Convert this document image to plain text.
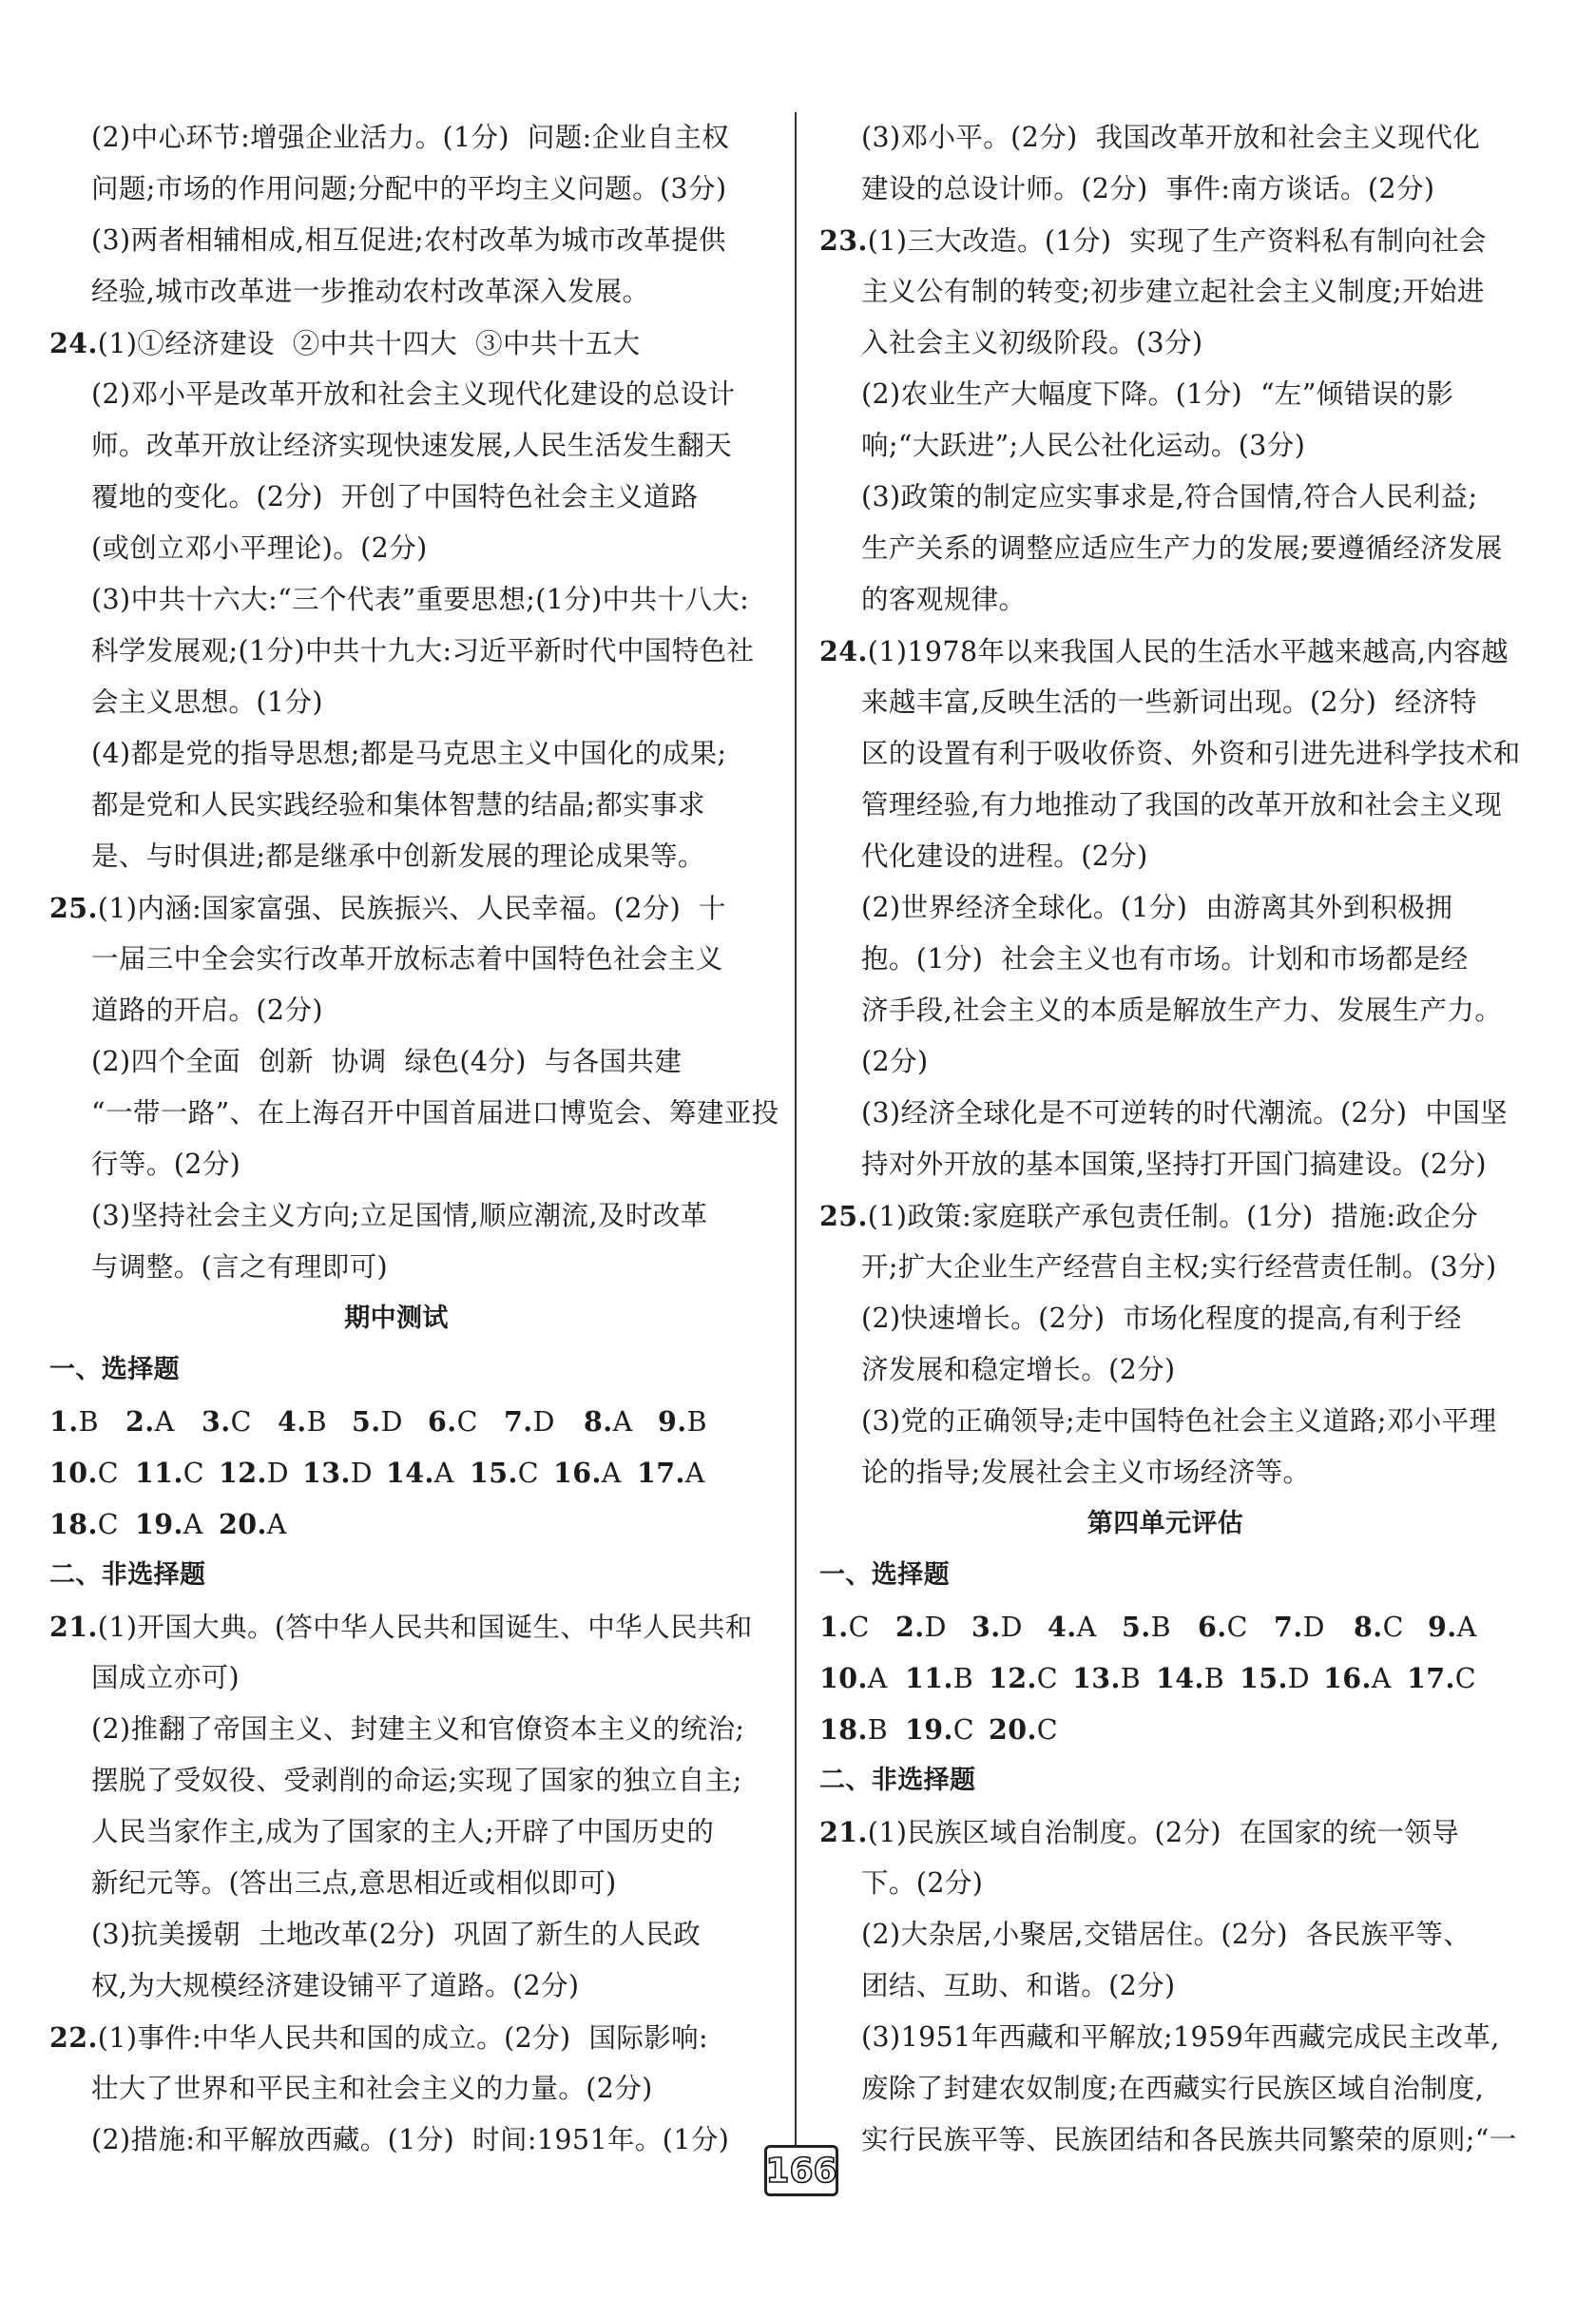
(2)中心环节:增强企业活力。(1分)  问题:企业自主权
问题;市场的作用问题;分配中的平均主义问题。(3分)
(3)两者相辅相成,相互促进;农村改革为城市改革提供
经验,城市改革进一步推动农村改革深入发展。
24.(1)①经济建设  ②中共十四大  ③中共十五大
(2)邓小平是改革开放和社会主义现代化建设的总设计
师。改革开放让经济实现快速发展,人民生活发生翻天
覆地的变化。(2分)  开创了中国特色社会主义道路
(或创立邓小平理论)。(2分)
(3)中共十六大:“三个代表”重要思想;(1分)中共十八大:
科学发展观;(1分)中共十九大:习近平新时代中国特色社
会主义思想。(1分)
(4)都是党的指导思想;都是马克思主义中国化的成果;
都是党和人民实践经验和集体智慧的结晶;都实事求
是、与时俱进;都是继承中创新发展的理论成果等。
25.(1)内涵:国家富强、民族振兴、人民幸福。(2分)  十
一届三中全会实行改革开放标志着中国特色社会主义
道路的开启。(2分)
(2)四个全面  创新  协调  绿色(4分)  与各国共建
“一带一路”、在上海召开中国首届进口博览会、筹建亚投
行等。(2分)
(3)坚持社会主义方向;立足国情,顺应潮流,及时改革
与调整。(言之有理即可)
期中测试
一、选择题
1.B 2.A 3.C 4.B 5.D 6.C 7.D 8.A 9.B
10.C 11.C 12.D 13.D 14.A 15.C 16.A 17.A
18.C 19.A 20.A
二、非选择题
21.(1)开国大典。(答中华人民共和国诞生、中华人民共和
国成立亦可)
(2)推翻了帝国主义、封建主义和官僚资本主义的统治;
摆脱了受奴役、受剥削的命运;实现了国家的独立自主;
人民当家作主,成为了国家的主人;开辟了中国历史的
新纪元等。(答出三点,意思相近或相似即可)
(3)抗美援朝  土地改革(2分)  巩固了新生的人民政
权,为大规模经济建设铺平了道路。(2分)
22.(1)事件:中华人民共和国的成立。(2分)  国际影响:
壮大了世界和平民主和社会主义的力量。(2分)
(2)措施:和平解放西藏。(1分)  时间:1951年。(1分)
(3)邓小平。(2分)  我国改革开放和社会主义现代化
建设的总设计师。(2分)  事件:南方谈话。(2分)
23.(1)三大改造。(1分)  实现了生产资料私有制向社会
主义公有制的转变;初步建立起社会主义制度;开始进
入社会主义初级阶段。(3分)
(2)农业生产大幅度下降。(1分)  “左”倾错误的影
响;“大跃进”;人民公社化运动。(3分)
(3)政策的制定应实事求是,符合国情,符合人民利益;
生产关系的调整应适应生产力的发展;要遵循经济发展
的客观规律。
24.(1)1978年以来我国人民的生活水平越来越高,内容越
来越丰富,反映生活的一些新词出现。(2分)  经济特
区的设置有利于吸收侨资、外资和引进先进科学技术和
管理经验,有力地推动了我国的改革开放和社会主义现
代化建设的进程。(2分)
(2)世界经济全球化。(1分)  由游离其外到积极拥
抱。(1分)  社会主义也有市场。计划和市场都是经
济手段,社会主义的本质是解放生产力、发展生产力。
(2分)
(3)经济全球化是不可逆转的时代潮流。(2分)  中国坚
持对外开放的基本国策,坚持打开国门搞建设。(2分)
25.(1)政策:家庭联产承包责任制。(1分)  措施:政企分
开;扩大企业生产经营自主权;实行经营责任制。(3分)
(2)快速增长。(2分)  市场化程度的提高,有利于经
济发展和稳定增长。(2分)
(3)党的正确领导;走中国特色社会主义道路;邓小平理
论的指导;发展社会主义市场经济等。
第四单元评估
一、选择题
1.C 2.D 3.D 4.A 5.B 6.C 7.D 8.C 9.A
10.A 11.B 12.C 13.B 14.B 15.D 16.A 17.C
18.B 19.C 20.C
二、非选择题
21.(1)民族区域自治制度。(2分)  在国家的统一领导
下。(2分)
(2)大杂居,小聚居,交错居住。(2分)  各民族平等、
团结、互助、和谐。(2分)
(3)1951年西藏和平解放;1959年西藏完成民主改革,
废除了封建农奴制度;在西藏实行民族区域自治制度,
实行民族平等、民族团结和各民族共同繁荣的原则;“一
166
